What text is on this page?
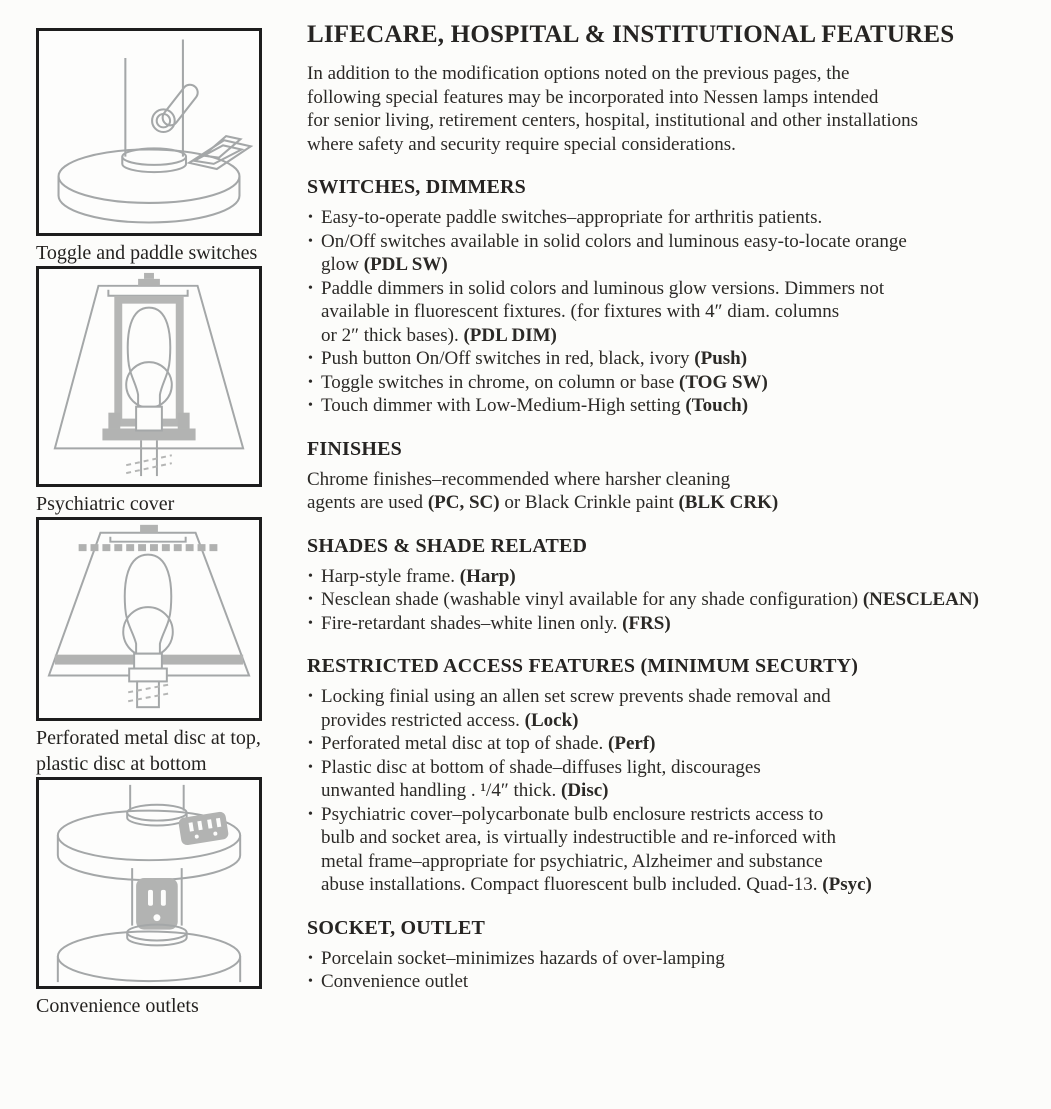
Toggle and paddle switches
Psychiatric cover
Perforated metal disc at top,
plastic disc at bottom
Convenience outlets
LIFECARE, HOSPITAL & INSTITUTIONAL FEATURES

In addition to the modification options noted on the previous pages, the
following special features may be incorporated into Nessen lamps intended
for senior living, retirement centers, hospital, institutional and other installations
where safety and security require special considerations.

SWITCHES, DIMMERS
• Easy-to-operate paddle switches–appropriate for arthritis patients.
• On/Off switches available in solid colors and luminous easy-to-locate orange
glow (PDL SW)
• Paddle dimmers in solid colors and luminous glow versions. Dimmers not
available in fluorescent fixtures. (for fixtures with 4″ diam. columns
or 2″ thick bases). (PDL DIM)
• Push button On/Off switches in red, black, ivory (Push)
• Toggle switches in chrome, on column or base (TOG SW)
• Touch dimmer with Low-Medium-High setting (Touch)
FINISHES

Chrome finishes–recommended where harsher cleaning
agents are used (PC, SC) or Black Crinkle paint (BLK CRK)

SHADES & SHADE RELATED
• Harp-style frame. (Harp)
• Nesclean shade (washable vinyl available for any shade configuration) (NESCLEAN)
• Fire-retardant shades–white linen only. (FRS)
RESTRICTED ACCESS FEATURES (MINIMUM SECURTY)
• Locking finial using an allen set screw prevents shade removal and
provides restricted access. (Lock)
• Perforated metal disc at top of shade. (Perf)
• Plastic disc at bottom of shade–diffuses light, discourages
unwanted handling . ¹/4″ thick. (Disc)
• Psychiatric cover–polycarbonate bulb enclosure restricts access to
bulb and socket area, is virtually indestructible and re-inforced with
metal frame–appropriate for psychiatric, Alzheimer and substance
abuse installations. Compact fluorescent bulb included. Quad-13. (Psyc)
SOCKET, OUTLET
• Porcelain socket–minimizes hazards of over-lamping
• Convenience outlet
